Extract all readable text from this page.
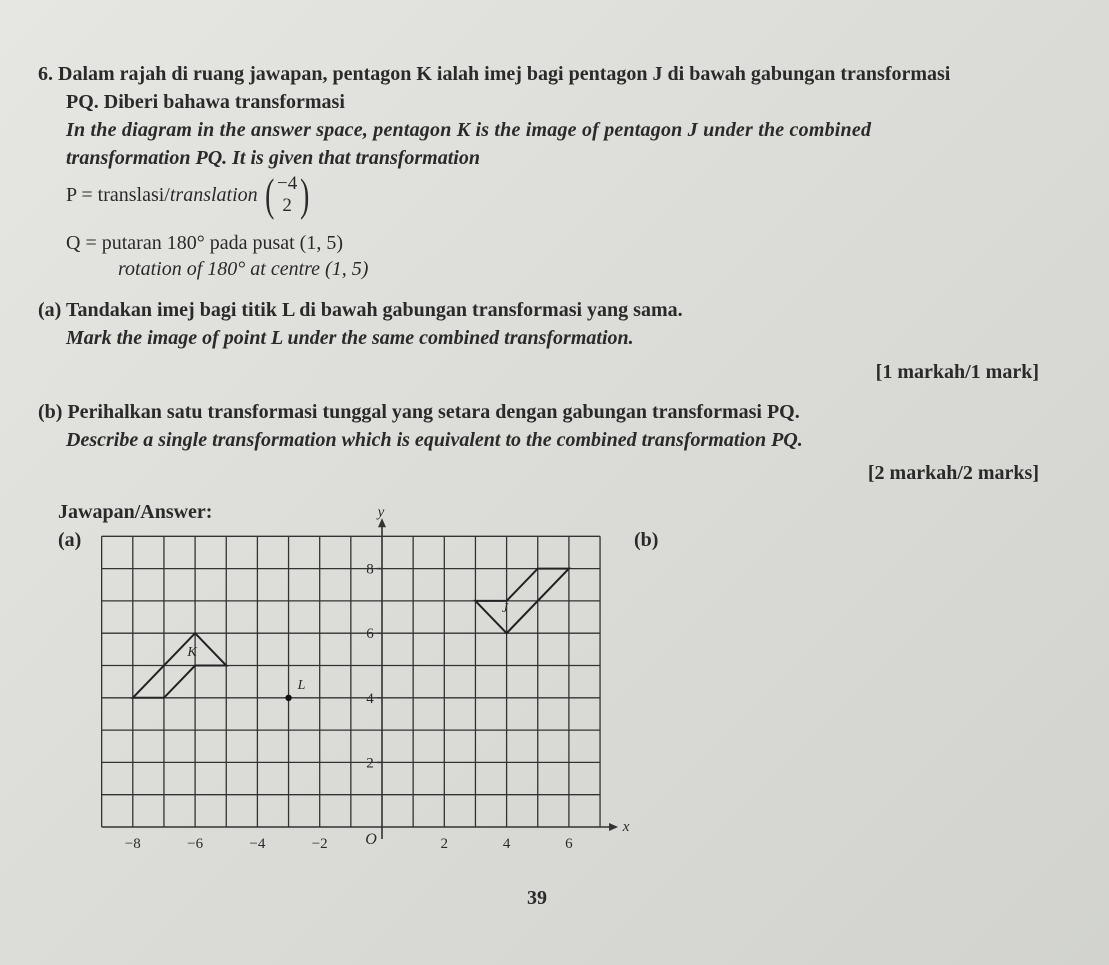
6. Dalam rajah di ruang jawapan, pentagon K ialah imej bagi pentagon J di bawah gabungan transformasi
PQ. Diberi bahawa transformasi
In the diagram in the answer space, pentagon K is the image of pentagon J under the combined
transformation PQ. It is given that transformation
P = translasi/ translation ( −4
2 )
Q = putaran 180° pada pusat (1, 5)
rotation of 180° at centre (1, 5)
(a) Tandakan imej bagi titik L di bawah gabungan transformasi yang sama.
Mark the image of point L under the same combined transformation.
[1 markah/1 mark]
(b) Perihalkan satu transformasi tunggal yang setara dengan gabungan transformasi PQ.
Describe a single transformation which is equivalent to the combined transformation PQ.
[2 markah/2 marks]
Jawapan/Answer:
(a)	(b)
−8	−6	−4	−2	2	4	6
2
4
6
8
O
x
y
J
K
L
39
